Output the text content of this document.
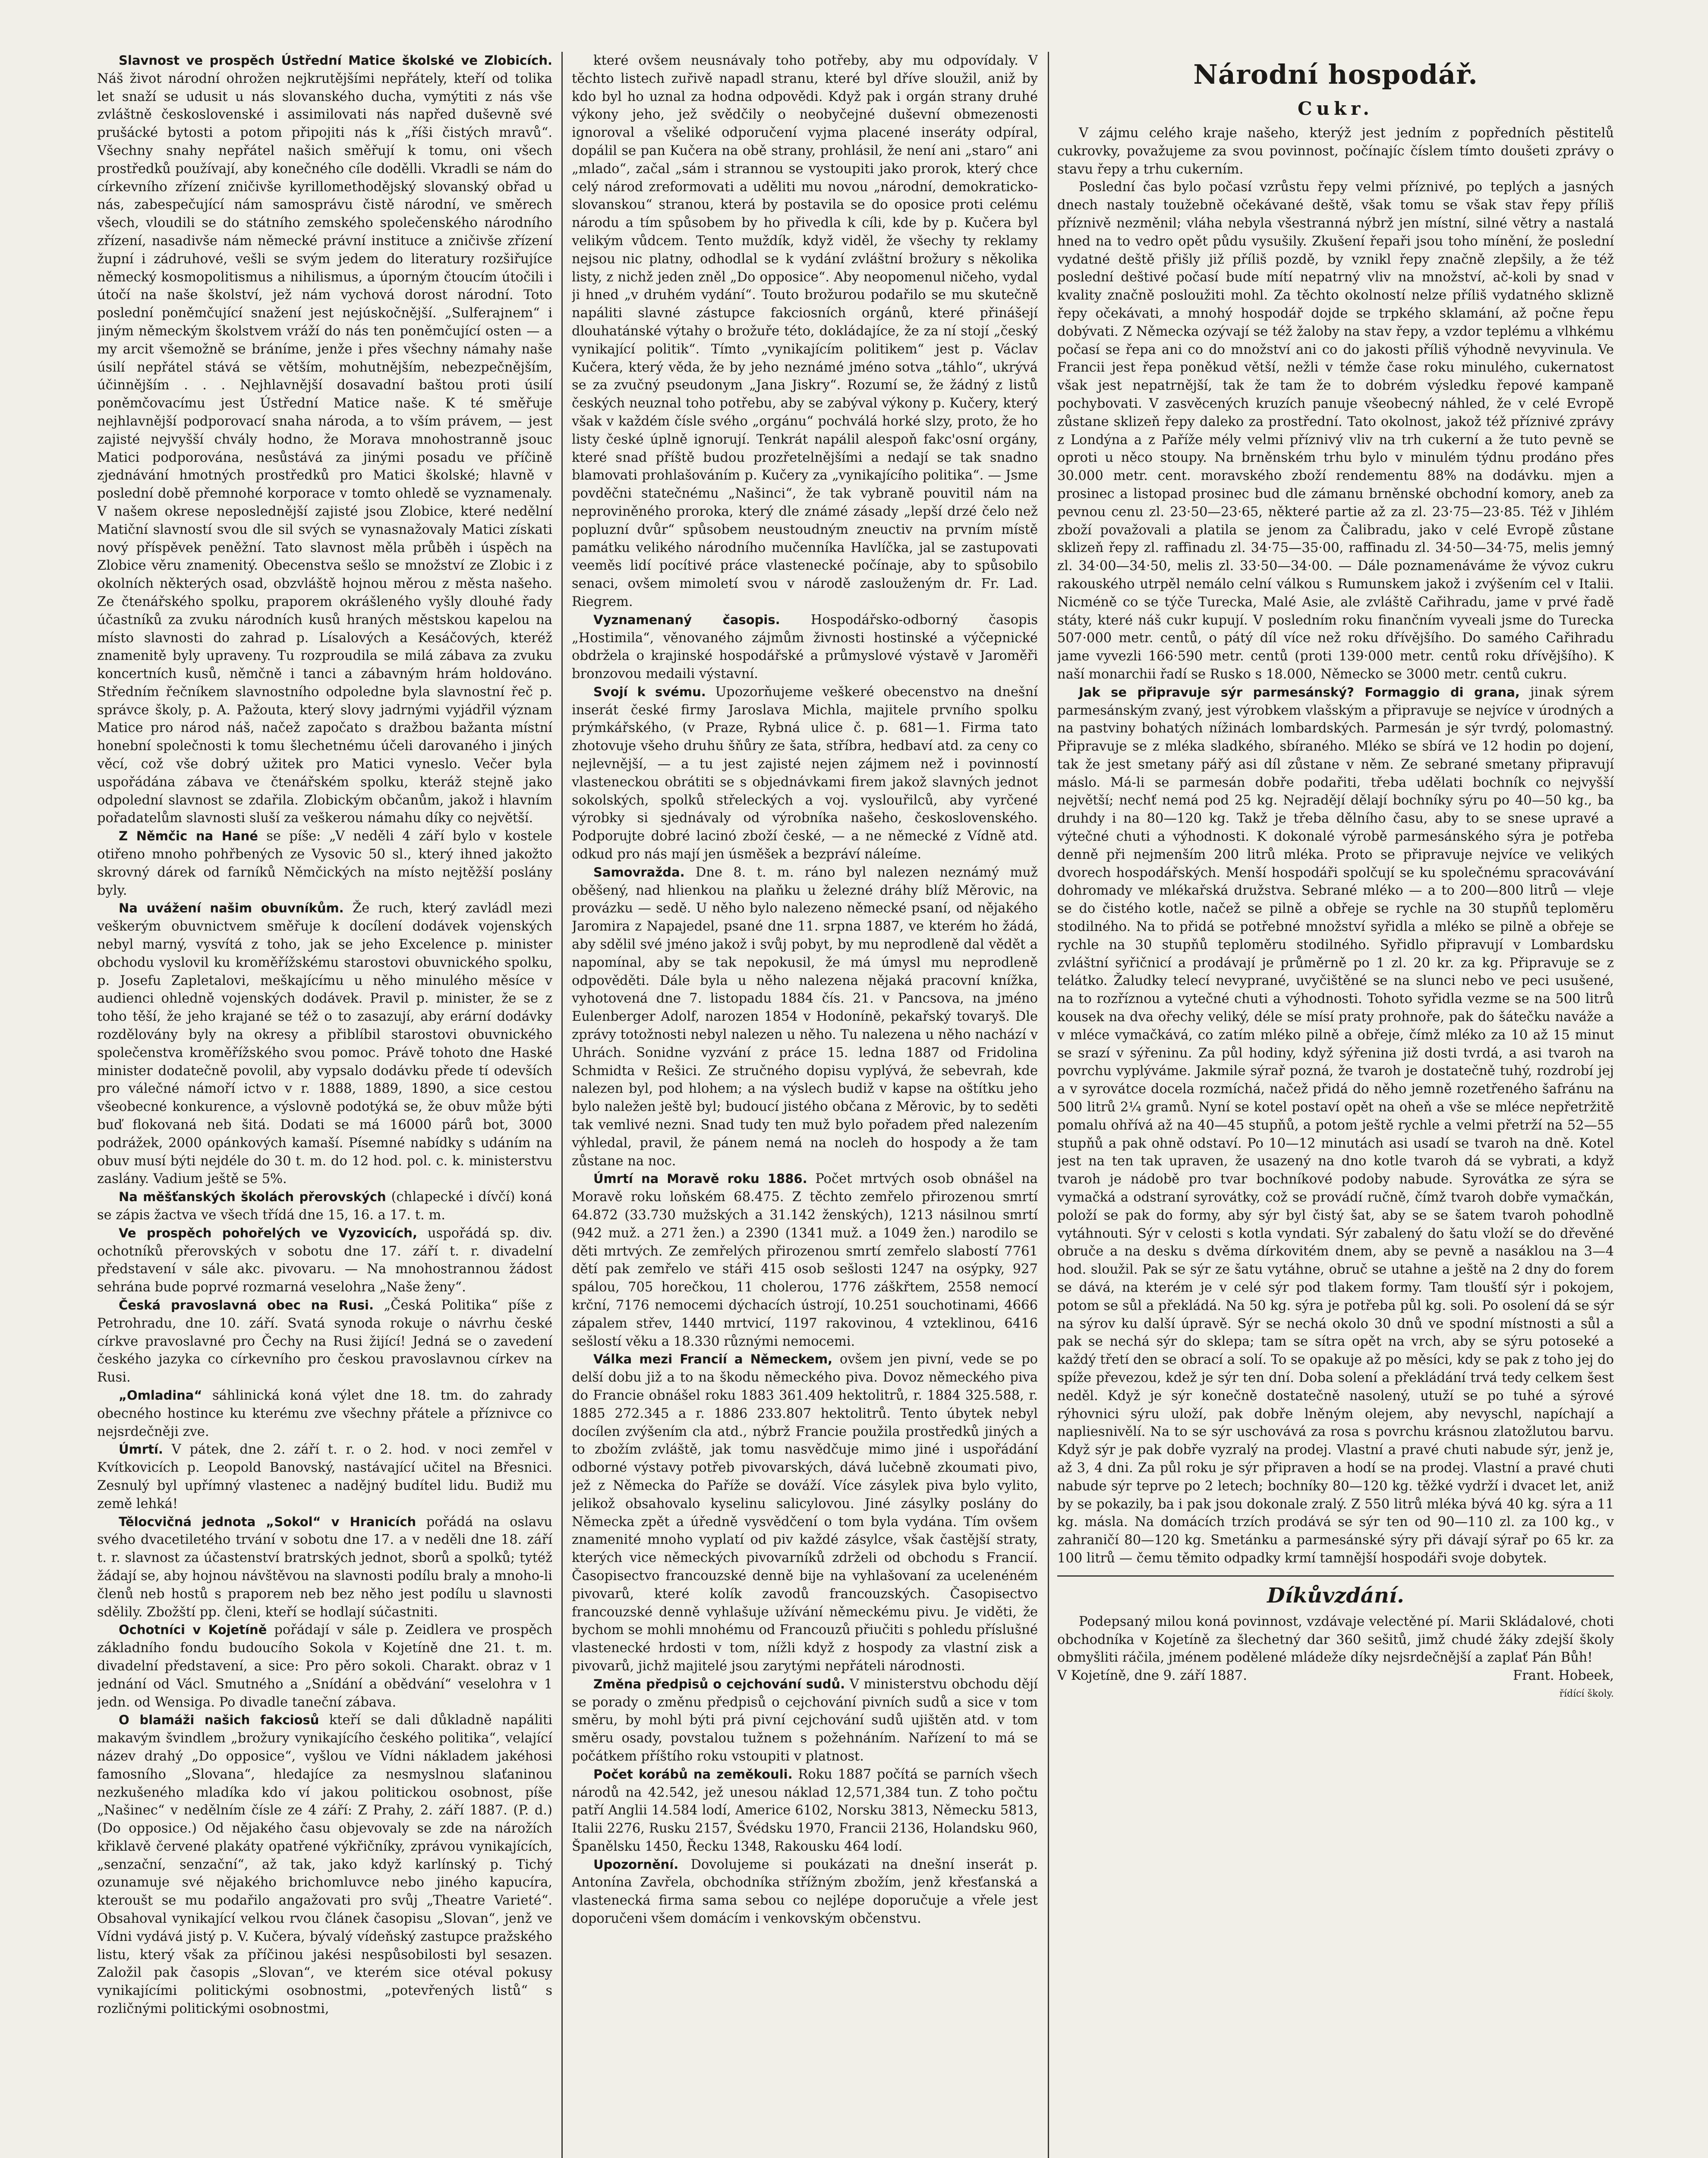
Slavnost ve prospěch Ústřední Matice školské ve Zlobicích. Náš život národní ohrožen nejkrutějšími nepřátely, kteří od tolika let snaží se udusit u nás slovanského ducha, vymýtiti z nás vše zvláštně československé i assimilovati nás napřed duševně své prušácké bytosti a potom připojiti nás k „říši čistých mravů“. Všechny snahy nepřátel našich směřují k tomu, oni všech prostředků používají, aby konečného cíle dodělli. Vkradli se nám do církevního zřízení zničivše kyrillomethodějský slovanský obřad u nás, zabespečující nám samosprávu čistě národní, ve směrech všech, vloudili se do státního zemského společenského národního zřízení, nasadivše nám německé právní instituce a zničivše zřízení župní i zádruhové, vešli se svým jedem do literatury rozšiřujíce německý kosmopolitismus a nihilismus, a úporným čtoucím útočili i útočí na naše školství, jež nám vychová dorost národní. Toto poslední poněmčující snažení jest nejúskočnější. „Sulferajnem“ i jiným německým školstvem vráží do nás ten poněmčující osten — a my arcit všemožně se bráníme, jenže i přes všechny námahy naše úsilí nepřátel stává se větším, mohutnějším, nebezpečnějším, účinnějším . . . Nejhlavnější dosavadní baštou proti úsilí poněmčovacímu jest Ústřední Matice naše. K té směřuje nejhlavnější podporovací snaha národa, a to vším právem, — jest zajisté nejvyšší chvály hodno, že Morava mnohostranně jsouc Matici podporována, nesůstává za jinými posadu ve příčině zjednávání hmotných prostředků pro Matici školské; hlavně v poslední době přemnohé korporace v tomto ohledě se vyznamenaly. V našem okrese neposlednější zajisté jsou Zlobice, které nedělní Matiční slavností svou dle sil svých se vynasnažovaly Matici získati nový příspěvek peněžní. Tato slavnost měla průběh i úspěch na Zlobice věru znamenitý. Obecenstva sešlo se množství ze Zlobic i z okolních některých osad, obzvláště hojnou měrou z města našeho. Ze čtenářského spolku, praporem okrášleného vyšly dlouhé řady účastníků za zvuku národních kusů hraných městskou kapelou na místo slavnosti do zahrad p. Lísalových a Kesáčových, kteréž znamenitě byly upraveny. Tu rozproudila se milá zábava za zvuku koncertních kusů, němčně i tanci a zábavným hrám holdováno. Středním řečníkem slavnostního odpoledne byla slavnostní řeč p. správce školy, p. A. Pažouta, který slovy jadrnými vyjádřil význam Matice pro národ náš, načež započato s dražbou bažanta místní honební společnosti k tomu šlechetnému účeli darovaného i jiných věcí, což vše dobrý užitek pro Matici vyneslo. Večer byla uspořádána zábava ve čtenářském spolku, kteráž stejně jako odpolední slavnost se zdařila. Zlobickým občanům, jakož i hlavním pořadatelům slavnosti sluší za veškerou námahu díky co největší.

Z Němčic na Hané se píše: „V neděli 4 září bylo v kostele otiřeno mnoho pohřbených ze Vysovic 50 sl., který ihned jakožto skrovný dárek od farníků Němčických na místo nejtěžší poslány byly.

Na uvážení našim obuvníkům. Že ruch, který zavládl mezi veškerým obuvnictvem směřuje k docílení dodávek vojenských nebyl marný, vysvítá z toho, jak se jeho Excelence p. minister obchodu vyslovil ku kroměřížskému starostovi obuvnického spolku, p. Josefu Zapletalovi, meškajícímu u něho minulého měsíce v audienci ohledně vojenských dodávek. Pravil p. minister, že se z toho těší, že jeho krajané se též o to zasazují, aby erární dodávky rozdělovány byly na okresy a přiblíbil starostovi obuvnického společenstva kroměřížského svou pomoc. Právě tohoto dne Haské minister dodatečně povolil, aby vypsalo dodávku přede tí odevších pro válečné námoří ictvo v r. 1888, 1889, 1890, a sice cestou všeobecné konkurence, a výslovně podotýká se, že obuv může býti buď flokovaná neb šitá. Dodati se má 16000 párů bot, 3000 podrážek, 2000 opánkových kamaší. Písemné nabídky s udáním na obuv musí býti nejdéle do 30 t. m. do 12 hod. pol. c. k. ministerstvu zaslány. Vadium ještě se 5%.

Na měšťanských školách přerovských (chlapecké i dívčí) koná se zápis žactva ve všech třídá dne 15, 16. a 17. t. m.

Ve prospěch pohořelých ve Vyzovicích, uspořádá sp. div. ochotníků přerovských v sobotu dne 17. září t. r. divadelní představení v sále akc. pivovaru. — Na mnohostrannou žádost sehrána bude poprvé rozmarná veselohra „Naše ženy“.

Česká pravoslavná obec na Rusi. „Česká Politika“ píše z Petrohradu, dne 10. září. Svatá synoda rokuje o návrhu české církve pravoslavné pro Čechy na Rusi žijící! Jedná se o zavedení českého jazyka co církevního pro českou pravoslavnou církev na Rusi.

„Omladina“ sáhlinická koná výlet dne 18. tm. do zahrady obecného hostince ku kterému zve všechny přátele a příznivce co nejsrdečněji zve.

Úmrtí. V pátek, dne 2. září t. r. o 2. hod. v noci zemřel v Kvítkovicích p. Leopold Banovský, nastávající učitel na Břesnici. Zesnulý byl upřímný vlastenec a nadějný budítel lidu. Budiž mu země lehká!

Tělocvičná jednota „Sokol“ v Hranicích pořádá na oslavu svého dvacetiletého trvání v sobotu dne 17. a v neděli dne 18. září t. r. slavnost za účastenství bratrských jednot, sborů a spolků; tytéž žádají se, aby hojnou návštěvou na slavnosti podílu braly a mnoho-li členů neb hostů s praporem neb bez něho jest podílu u slavnosti sdělily. Zbožští pp. členi, kteří se hodlají súčastniti.

Ochotníci v Kojetíně pořádají v sále p. Zeidlera ve prospěch základního fondu budoucího Sokola v Kojetíně dne 21. t. m. divadelní představení, a sice: Pro pěro sokoli. Charakt. obraz v 1 jednání od Václ. Smutného a „Snídání a obědvání“ veselohra v 1 jedn. od Wensiga. Po divadle taneční zábava.

O blamáži našich fakciosů kteří se dali důkladně napáliti makavým švindlem „brožury vynikajícího českého politika“, velající název drahý „Do opposice“, vyšlou ve Vídni nákladem jakéhosi famosního „Slovana“, hledajíce za nesmyslnou slaťaninou nezkušeného mladíka kdo ví jakou politickou osobnost, píše „Našinec“ v nedělním čísle ze 4 září: Z Prahy, 2. září 1887. (P. d.) (Do opposice.) Od nějakého času objevovaly se zde na nárožích křiklavě červené plakáty opatřené výkřičníky, zprávou vynikajících, „senzační, senzační“, až tak, jako když karlínský p. Tichý ozunamuje své nějakého brichomluvce nebo jiného kapucíra, kteroušt se mu podařilo angažovati pro svůj „Theatre Varieté“. Obsahoval vynikající velkou rvou článek časopisu „Slovan“, jenž ve Vídni vydává jistý p. V. Kučera, bývalý vídeňský zastupce pražského listu, který však za příčinou jakési nespůsobilosti byl sesazen. Založil pak časopis „Slovan“, ve kterém sice otéval pokusy vynikajícími politickými osobnostmi, „potevřených listů“ s rozličnými politickými osobnostmi,

které ovšem neusnávaly toho potřeby, aby mu odpovídaly. V těchto listech zuřivě napadl stranu, které byl dříve sloužil, aniž by kdo byl ho uznal za hodna odpovědi. Když pak i orgán strany druhé výkony jeho, jež svědčily o neobyčejné duševní obmezenosti ignoroval a všeliké odporučení vyjma placené inseráty odpíral, dopálil se pan Kučera na obě strany, prohlásil, že není ani „staro“ ani „mlado“, začal „sám i strannou se vystoupiti jako prorok, který chce celý národ zreformovati a uděliti mu novou „národní, demokraticko-slovanskou“ stranou, která by postavila se do oposice proti celému národu a tím spůsobem by ho přivedla k cíli, kde by p. Kučera byl velikým vůdcem. Tento muždík, když viděl, že všechy ty reklamy nejsou nic platny, odhodlal se k vydání zvláštní brožury s několika listy, z nichž jeden zněl „Do opposice“. Aby neopomenul ničeho, vydal ji hned „v druhém vydání“. Touto brožurou podařilo se mu skutečně napáliti slavné zástupce fakciosních orgánů, které přinášejí dlouhatánské výtahy o brožuře této, dokládajíce, že za ní stojí „český vynikající politik“. Tímto „vynikajícím politikem“ jest p. Václav Kučera, který věda, že by jeho neznámé jméno sotva „táhlo“, ukrývá se za zvučný pseudonym „Jana Jiskry“. Rozumí se, že žádný z listů českých neuznal toho potřebu, aby se zabýval výkony p. Kučery, který však v každém čísle svého „orgánu“ pochválá horké slzy, proto, že ho listy české úplně ignorují. Tenkrát napálil alespoň fakc'osní orgány, které snad příště budou prozřetelnějšími a nedají se tak snadno blamovati prohlašováním p. Kučery za „vynikajícího politika“. — Jsme povděčni statečnému „Našinci“, že tak vybraně pouvitil nám na neproviněného proroka, který dle známé zásady „lepší drzé čelo než popluzní dvůr“ spůsobem neustoudným zneuctiv na prvním místě památku velikého národního mučenníka Havlíčka, jal se zastupovati veeměs lidí pocítivé práce vlastenecké počínaje, aby to spůsobilo senaci, ovšem mimoletí svou v národě zaslouženým dr. Fr. Lad. Riegrem.

Vyznamenaný časopis. Hospodářsko-odborný časopis „Hostimila“, věnovaného zájmům živnosti hostinské a výčepnické obdržela o krajinské hospodářské a průmyslové výstavě v Jaroměři bronzovou medaili výstavní.

Svojí k svému. Upozorňujeme veškeré obecenstvo na dnešní inserát české firmy Jaroslava Michla, majitele prvního spolku prýmkářského, (v Praze, Rybná ulice č. p. 681—1. Firma tato zhotovuje všeho druhu šňůry ze šata, stříbra, hedbaví atd. za ceny co nejlevnější, — a tu jest zajisté nejen zájmem než i povinností vlasteneckou obrátiti se s objednávkami firem jakož slavných jednot sokolských, spolků střeleckých a voj. vyslouřilců, aby vyrčené výrobky si sjednávaly od výrobníka našeho, československého. Podporujte dobré lacinó zboží české, — a ne německé z Vídně atd. odkud pro nás mají jen úsměšek a bezpráví náleíme.

Samovražda. Dne 8. t. m. ráno byl nalezen neznámý muž oběšený, nad hlienkou na plaňku u železné dráhy blíž Měrovic, na provázku — sedě. U něho bylo nalezeno německé psaní, od nějakého Jaromira z Napajedel, psané dne 11. srpna 1887, ve kterém ho žádá, aby sdělil své jméno jakož i svůj pobyt, by mu neprodleně dal vědět a napomínal, aby se tak nepokusil, že má úmysl mu neprodleně odpověděti. Dále byla u něho nalezena nějaká pracovní knížka, vyhotovená dne 7. listopadu 1884 čís. 21. v Pancsova, na jméno Eulenberger Adolf, narozen 1854 v Hodoníně, pekařský tovaryš. Dle zprávy totožnosti nebyl nalezen u něho. Tu nalezena u něho nachází v Uhrách. Sonidne vyzvání z práce 15. ledna 1887 od Fridolina Schmidta v Rešici. Ze stručného dopisu vyplývá, že sebevrah, kde nalezen byl, pod hlohem; a na výslech budiž v kapse na oštítku jeho bylo naležen ještě byl; budoucí jistého občana z Měrovic, by to seděti tak vemlivé nezni. Snad tudy ten muž bylo pořadem před nalezením výhledal, pravil, že pánem nemá na nocleh do hospody a že tam zůstane na noc.

Úmrtí na Moravě roku 1886. Počet mrtvých osob obnášel na Moravě roku loňském 68.475. Z těchto zemřelo přirozenou smrtí 64.872 (33.730 mužských a 31.142 ženských), 1213 násilnou smrtí (942 muž. a 271 žen.) a 2390 (1341 muž. a 1049 žen.) narodilo se děti mrtvých. Ze zemřelých přirozenou smrtí zemřelo slabostí 7761 dětí pak zemřelo ve stáři 415 osob sešlosti 1247 na osýpky, 927 spálou, 705 horečkou, 11 cholerou, 1776 záškřtem, 2558 nemocí krční, 7176 nemocemi dýchacích ústrojí, 10.251 souchotinami, 4666 zápalem střev, 1440 mrtvicí, 1197 rakovinou, 4 vzteklinou, 6416 sešlostí věku a 18.330 různými nemocemi.

Válka mezi Francií a Německem, ovšem jen pivní, vede se po delší dobu již a to na škodu německého piva. Dovoz německého piva do Francie obnášel roku 1883 361.409 hektolitrů, r. 1884 325.588, r. 1885 272.345 a r. 1886 233.807 hektolitrů. Tento úbytek nebyl docílen zvýšením cla atd., nýbrž Francie použila prostředků jiných a to zbožím zvláště, jak tomu nasvědčuje mimo jiné i uspořádání odborné výstavy potřeb pivovarských, dává lučebně zkoumati pivo, jež z Německa do Paříže se dováží. Více zásylek piva bylo vylito, jelikož obsahovalo kyselinu salicylovou. Jiné zásylky poslány do Německa zpět a úředně vysvědčení o tom byla vydána. Tím ovšem znamenité mnoho vyplatí od piv každé zásylce, však častější straty, kterých vice německých pivovarníků zdrželi od obchodu s Francií. Časopisectvo francouzské denně bije na vyhlašovaní za ucelenéném pivovarů, které kolík zavodů francouzských. Časopisectvo francouzské denně vyhlašuje užívání německému pivu. Je viděti, že bychom se mohli mnohému od Francouzů přiučiti s pohledu příslušné vlastenecké hrdosti v tom, nížli když z hospody za vlastní zisk a pivovarů, jichž majitelé jsou zarytými nepřáteli národnosti.

Změna předpisů o cejchování sudů. V ministerstvu obchodu dějí se porady o změnu předpisů o cejchování pivních sudů a sice v tom směru, by mohl býti prá pivní cejchování sudů ujištěn atd. v tom směru osady, povstalou tužnem s požehnáním. Nařízení to má se počátkem příštího roku vstoupiti v platnost.

Počet korábů na zeměkouli. Roku 1887 počítá se parních všech národů na 42.542, jež unesou náklad 12,571,384 tun. Z toho počtu patří Anglii 14.584 lodí, Americe 6102, Norsku 3813, Německu 5813, Italii 2276, Rusku 2157, Švédsku 1970, Francii 2136, Holandsku 960, Španělsku 1450, Řecku 1348, Rakousku 464 lodí.

Upozornění. Dovolujeme si poukázati na dnešní inserát p. Antonína Zavřela, obchodníka střížným zbožím, jenž křesťanská a vlastenecká firma sama sebou co nejlépe doporučuje a vřele jest doporučeni všem domácím i venkovským občenstvu.

Národní hospodář.
Cukr.

V zájmu celého kraje našeho, kterýž jest jedním z popředních pěstitelů cukrovky, považujeme za svou povinnost, počínajíc číslem tímto doušeti zprávy o stavu řepy a trhu cukerním.

Poslední čas bylo počasí vzrůstu řepy velmi příznivé, po teplých a jasných dnech nastaly toužebně očekávané deště, však tomu se však stav řepy příliš příznivě nezměnil; vláha nebyla všestranná nýbrž jen místní, silné větry a nastalá hned na to vedro opět půdu vysušily. Zkušení řepaři jsou toho mínění, že poslední vydatné deště přišly již příliš pozdě, by vznikl řepy značně zlepšily, a že též poslední deštivé počasí bude mítí nepatrný vliv na množství, ač-koli by snad v kvality značně posloužiti mohl. Za těchto okolností nelze příliš vydatného sklizně řepy očekávati, a mnohý hospodář dojde se trpkého sklamání, až počne řepu dobývati. Z Německa ozývají se též žaloby na stav řepy, a vzdor teplému a vlhkému počasí se řepa ani co do množství ani co do jakosti příliš výhodně nevyvinula. Ve Francii jest řepa poněkud větší, nežli v témže čase roku minulého, cukernatost však jest nepatrnější, tak že tam že to dobrém výsledku řepové kampaně pochybovati. V zasvěcených kruzích panuje všeobecný náhled, že v celé Evropě zůstane sklizeň řepy daleko za prostřední. Tato okolnost, jakož též příznivé zprávy z Londýna a z Paříže mély velmi příznivý vliv na trh cukerní a že tuto pevně se oproti u něco stoupy. Na brněnském trhu bylo v minulém týdnu prodáno přes 30.000 metr. cent. moravského zboží rendementu 88% na dodávku. mjen a prosinec a listopad prosinec bud dle zámanu brněnské obchodní komory, aneb za pevnou cenu zl. 23·50—23·65, některé partie až za zl. 23·75—23·85. Též v Jihlém zboží považovali a platila se jenom za Čalibradu, jako v celé Evropě zůstane sklizeň řepy zl. raffinadu zl. 34·75—35·00, raffinadu zl. 34·50—34·75, melis jemný zl. 34·00—34·50, melis zl. 33·50—34·00. — Dále poznamenáváme že vývoz cukru rakouského utrpěl nemálo celní válkou s Rumunskem jakož i zvýšením cel v Italii. Nicméně co se týče Turecka, Malé Asie, ale zvláště Cařihradu, jame v prvé řadě státy, které náš cukr kupují. V posledním roku finančním vyveali jsme do Turecka 507·000 metr. centů, o pátý díl více než roku dřívějšího. Do samého Cařihradu jame vyvezli 166·590 metr. centů (proti 139·000 metr. centů roku dřívějšího). K naší monarchii řadí se Rusko s 18.000, Německo se 3000 metr. centů cukru.

Jak se připravuje sýr parmesánský? Formaggio di grana, jinak sýrem parmesánským zvaný, jest výrobkem vlašským a připravuje se nejvíce v úrodných a na pastviny bohatých nížinách lombardských. Parmesán je sýr tvrdý, polomastný. Připravuje se z mléka sladkého, sbíraného. Mléko se sbírá ve 12 hodin po dojení, tak že jest smetany pářý asi díl zůstane v něm. Ze sebrané smetany připravují máslo. Má-li se parmesán dobře podařiti, třeba udělati bochník co nejvyšší největší; nechť nemá pod 25 kg. Nejradějí dělají bochníky sýru po 40—50 kg., ba druhdy i na 80—120 kg. Takž je třeba dělního času, aby to se snese upravé a výtečné chuti a výhodnosti. K dokonalé výrobě parmesánského sýra je potřeba denně při nejmenším 200 litrů mléka. Proto se připravuje nejvíce ve velikých dvorech hospodářských. Menší hospodáři spolčují se ku společnému spracovávání dohromady ve mlékařská družstva. Sebrané mléko — a to 200—800 litrů — vleje se do čistého kotle, načež se pilně a obřeje se rychle na 30 stupňů teploměru stodilného. Na to přidá se potřebné množství syřidla a mléko se pilně a obřeje se rychle na 30 stupňů teploměru stodilného. Syřidlo připravují v Lombardsku zvláštní syřičnicí a prodávají je průměrně po 1 zl. 20 kr. za kg. Připravuje se z telátko. Žaludky telecí nevyprané, uvyčištěné se na slunci nebo ve peci usušené, na to rozříznou a vytečné chuti a výhodnosti. Tohoto syřidla vezme se na 500 litrů kousek na dva ořechy veliký, déle se mísí praty prohnoře, pak do šátečku naváže a v mléce vymačkává, co zatím mléko pilně a obřeje, čímž mléko za 10 až 15 minut se srazí v sýřeninu. Za půl hodiny, když sýřenina již dosti tvrdá, a asi tvaroh na povrchu vyplýváme. Jakmile sýrař pozná, že tvaroh je dostatečně tuhý, rozdrobí jej a v syrovátce docela rozmíchá, načež přidá do něho jemně rozetřeného šafránu na 500 litrů 2¼ gramů. Nyní se kotel postaví opět na oheň a vše se mléce nepřetržitě pomalu ohřívá až na 40—45 stupňů, a potom ještě rychle a velmi přetrží na 52—55 stupňů a pak ohně odstaví. Po 10—12 minutách asi usadí se tvaroh na dně. Kotel jest na ten tak upraven, že usazený na dno kotle tvaroh dá se vybrati, a když tvaroh je nádobě pro tvar bochníkové podoby nabude. Syrovátka ze sýra se vymačká a odstraní syrovátky, což se provádí ručně, čímž tvaroh dobře vymačkán, položí se pak do formy, aby sýr byl čistý šat, aby se se šatem tvaroh pohodlně vytáhnouti. Sýr v celosti s kotla vyndati. Sýr zabalený do šatu vloží se do dřevěné obruče a na desku s dvěma dírkovitém dnem, aby se pevně a nasáklou na 3—4 hod. sloužil. Pak se sýr ze šatu vytáhne, obruč se utahne a ještě na 2 dny do forem se dává, na kterém je v celé sýr pod tlakem formy. Tam tloušťí sýr i pokojem, potom se sůl a překládá. Na 50 kg. sýra je potřeba půl kg. soli. Po osolení dá se sýr na sýrov ku další úpravě. Sýr se nechá okolo 30 dnů ve spodní místnosti a sůl a pak se nechá sýr do sklepa; tam se sítra opět na vrch, aby se sýru potoseké a každý třetí den se obrací a solí. To se opakuje až po měsíci, kdy se pak z toho jej do spíže převezou, kdež je sýr ten dní. Doba solení a překládání trvá tedy celkem šest neděl. Když je sýr konečně dostatečně nasolený, utuží se po tuhé a sýrové rýhovnici sýru uloží, pak dobře lněným olejem, aby nevyschl, napíchají a napliesnivělí. Na to se sýr uschovává za rosa s povrchu krásnou zlatožlutou barvu. Když sýr je pak dobře vyzralý na prodej. Vlastní a pravé chuti nabude sýr, jenž je, až 3, 4 dni. Za půl roku je sýr připraven a hodí se na prodej. Vlastní a pravé chuti nabude sýr teprve po 2 letech; bochníky 80—120 kg. těžké vydrží i dvacet let, aniž by se pokazily, ba i pak jsou dokonale zralý. Z 550 litrů mléka bývá 40 kg. sýra a 11 kg. másla. Na domácích trzích prodává se sýr ten od 90—110 zl. za 100 kg., v zahraničí 80—120 kg. Smetánku a parmesánské sýry při dávají sýrař po 65 kr. za 100 litrů — čemu těmito odpadky krmí tamnější hospodáři svoje dobytek.

Díkůvzdání.

Podepsaný milou koná povinnost, vzdávaje velectěné pí. Marii Skládalové, choti obchodníka v Kojetíně za šlechetný dar 360 sešitů, jimž chudé žáky zdejší školy obmyšliti ráčila, jménem podělené mládeže díky nejsrdečnější a zaplať Pán Bůh!

V Kojetíně, dne 9. září 1887.	Frant. Hobeek,
řídící školy.
